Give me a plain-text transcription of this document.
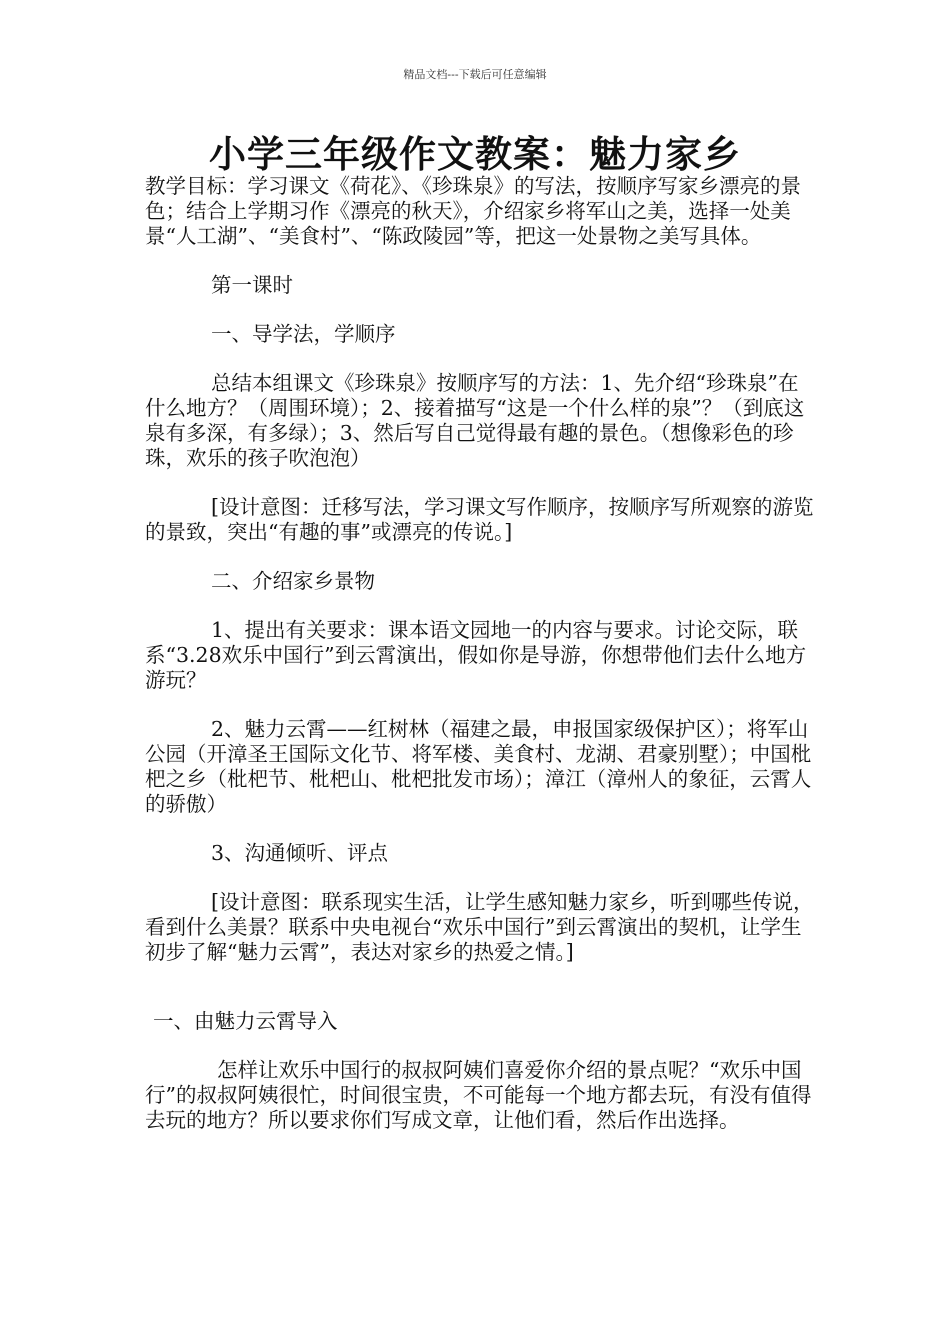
精品文档---下载后可任意编辑
小学三年级作文教案：魅力家乡

教学目标：学习课文《荷花》、《珍珠泉》的写法，按顺序写家乡漂亮的景色；结合上学期习作《漂亮的秋天》，介绍家乡将军山之美，选择一处美景“人工湖”、“美食村”、“陈政陵园”等，把这一处景物之美写具体。

第一课时

一、导学法，学顺序

总结本组课文《珍珠泉》按顺序写的方法：1、先介绍“珍珠泉”在什么地方？（周围环境）；2、接着描写“这是一个什么样的泉”？（到底这泉有多深，有多绿）；3、然后写自己觉得最有趣的景色。（想像彩色的珍珠，欢乐的孩子吹泡泡）

[设计意图：迁移写法，学习课文写作顺序，按顺序写所观察的游览的景致，突出“有趣的事”或漂亮的传说。]

二、介绍家乡景物

1、提出有关要求：课本语文园地一的内容与要求。讨论交际，联系“3.28欢乐中国行”到云霄演出，假如你是导游，你想带他们去什么地方游玩？

2、魅力云霄——红树林（福建之最，申报国家级保护区）；将军山公园（开漳圣王国际文化节、将军楼、美食村、龙湖、君豪别墅）；中国枇杷之乡（枇杷节、枇杷山、枇杷批发市场）；漳江（漳州人的象征，云霄人的骄傲）

3、沟通倾听、评点

[设计意图：联系现实生活，让学生感知魅力家乡，听到哪些传说，看到什么美景？联系中央电视台“欢乐中国行”到云霄演出的契机，让学生初步了解“魅力云霄”，表达对家乡的热爱之情。]

一、由魅力云霄导入

怎样让欢乐中国行的叔叔阿姨们喜爱你介绍的景点呢？“欢乐中国行”的叔叔阿姨很忙，时间很宝贵，不可能每一个地方都去玩，有没有值得去玩的地方？所以要求你们写成文章，让他们看，然后作出选择。
